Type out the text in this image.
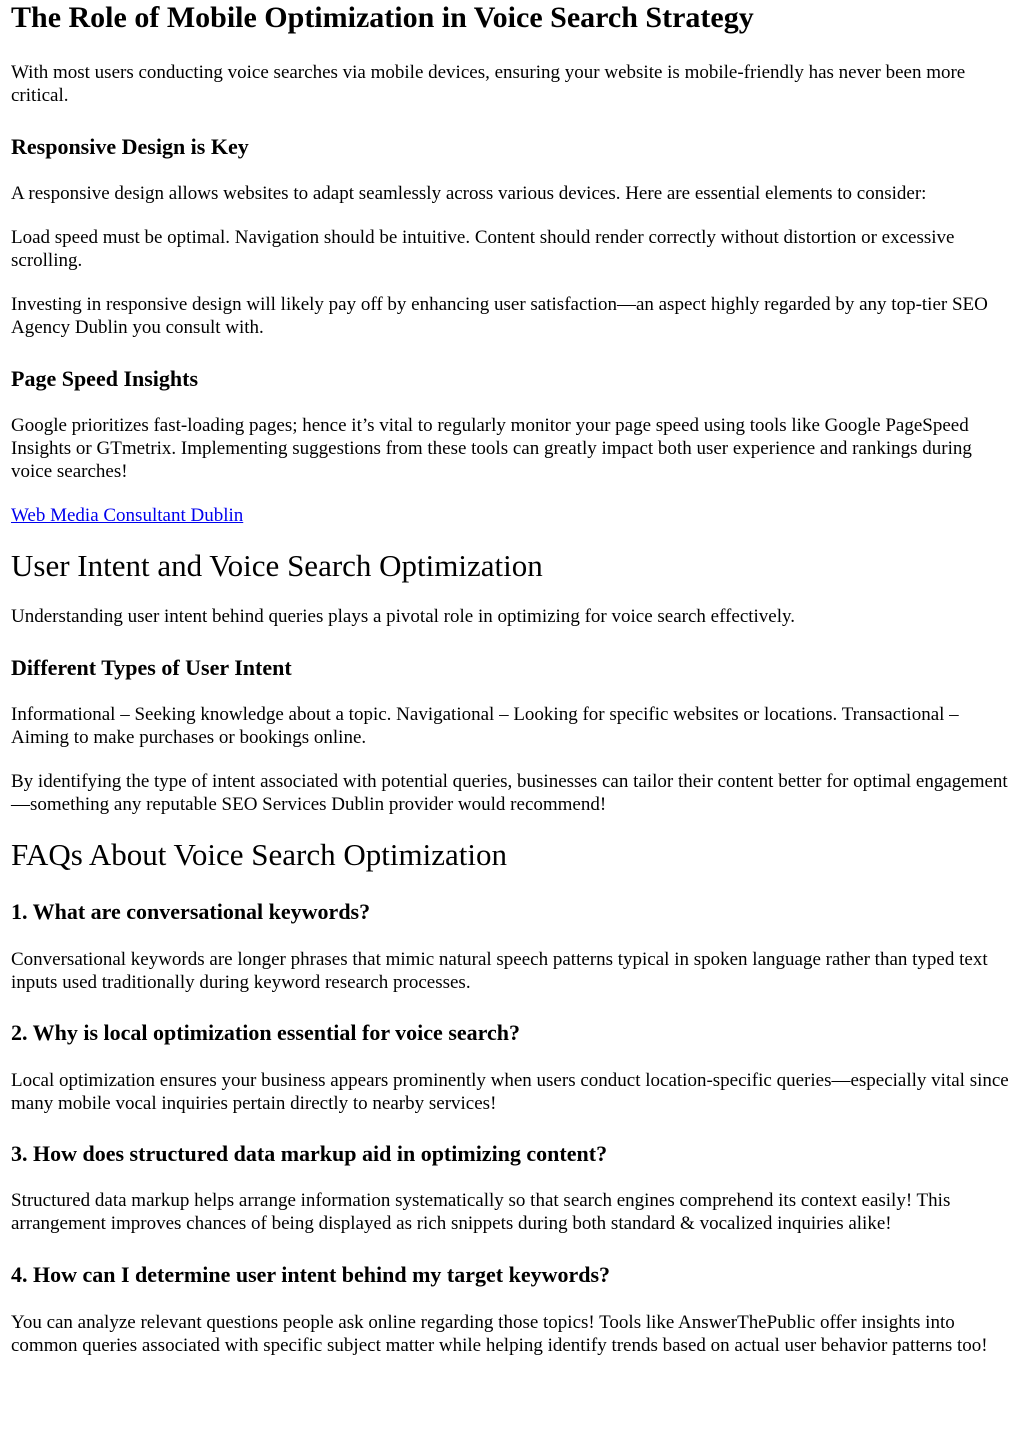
The Role of Mobile Optimization in Voice Search Strategy

With most users conducting voice searches via mobile devices, ensuring your website is mobile-friendly has never been more critical.

Responsive Design is Key

A responsive design allows websites to adapt seamlessly across various devices. Here are essential elements to consider:

Load speed must be optimal. Navigation should be intuitive. Content should render correctly without distortion or excessive scrolling.

Investing in responsive design will likely pay off by enhancing user satisfaction—an aspect highly regarded by any top-tier SEO Agency Dublin you consult with.

Page Speed Insights

Google prioritizes fast-loading pages; hence it’s vital to regularly monitor your page speed using tools like Google PageSpeed Insights or GTmetrix. Implementing suggestions from these tools can greatly impact both user experience and rankings during voice searches!

Web Media Consultant Dublin

User Intent and Voice Search Optimization

Understanding user intent behind queries plays a pivotal role in optimizing for voice search effectively.

Different Types of User Intent

Informational – Seeking knowledge about a topic. Navigational – Looking for specific websites or locations. Transactional – Aiming to make purchases or bookings online.

By identifying the type of intent associated with potential queries, businesses can tailor their content better for optimal engagement—something any reputable SEO Services Dublin provider would recommend!

FAQs About Voice Search Optimization
1. What are conversational keywords?

Conversational keywords are longer phrases that mimic natural speech patterns typical in spoken language rather than typed text inputs used traditionally during keyword research processes.

2. Why is local optimization essential for voice search?

Local optimization ensures your business appears prominently when users conduct location-specific queries—especially vital since many mobile vocal inquiries pertain directly to nearby services!

3. How does structured data markup aid in optimizing content?

Structured data markup helps arrange information systematically so that search engines comprehend its context easily! This arrangement improves chances of being displayed as rich snippets during both standard & vocalized inquiries alike!

4. How can I determine user intent behind my target keywords?

You can analyze relevant questions people ask online regarding those topics! Tools like AnswerThePublic offer insights into common queries associated with specific subject matter while helping identify trends based on actual user behavior patterns too!
